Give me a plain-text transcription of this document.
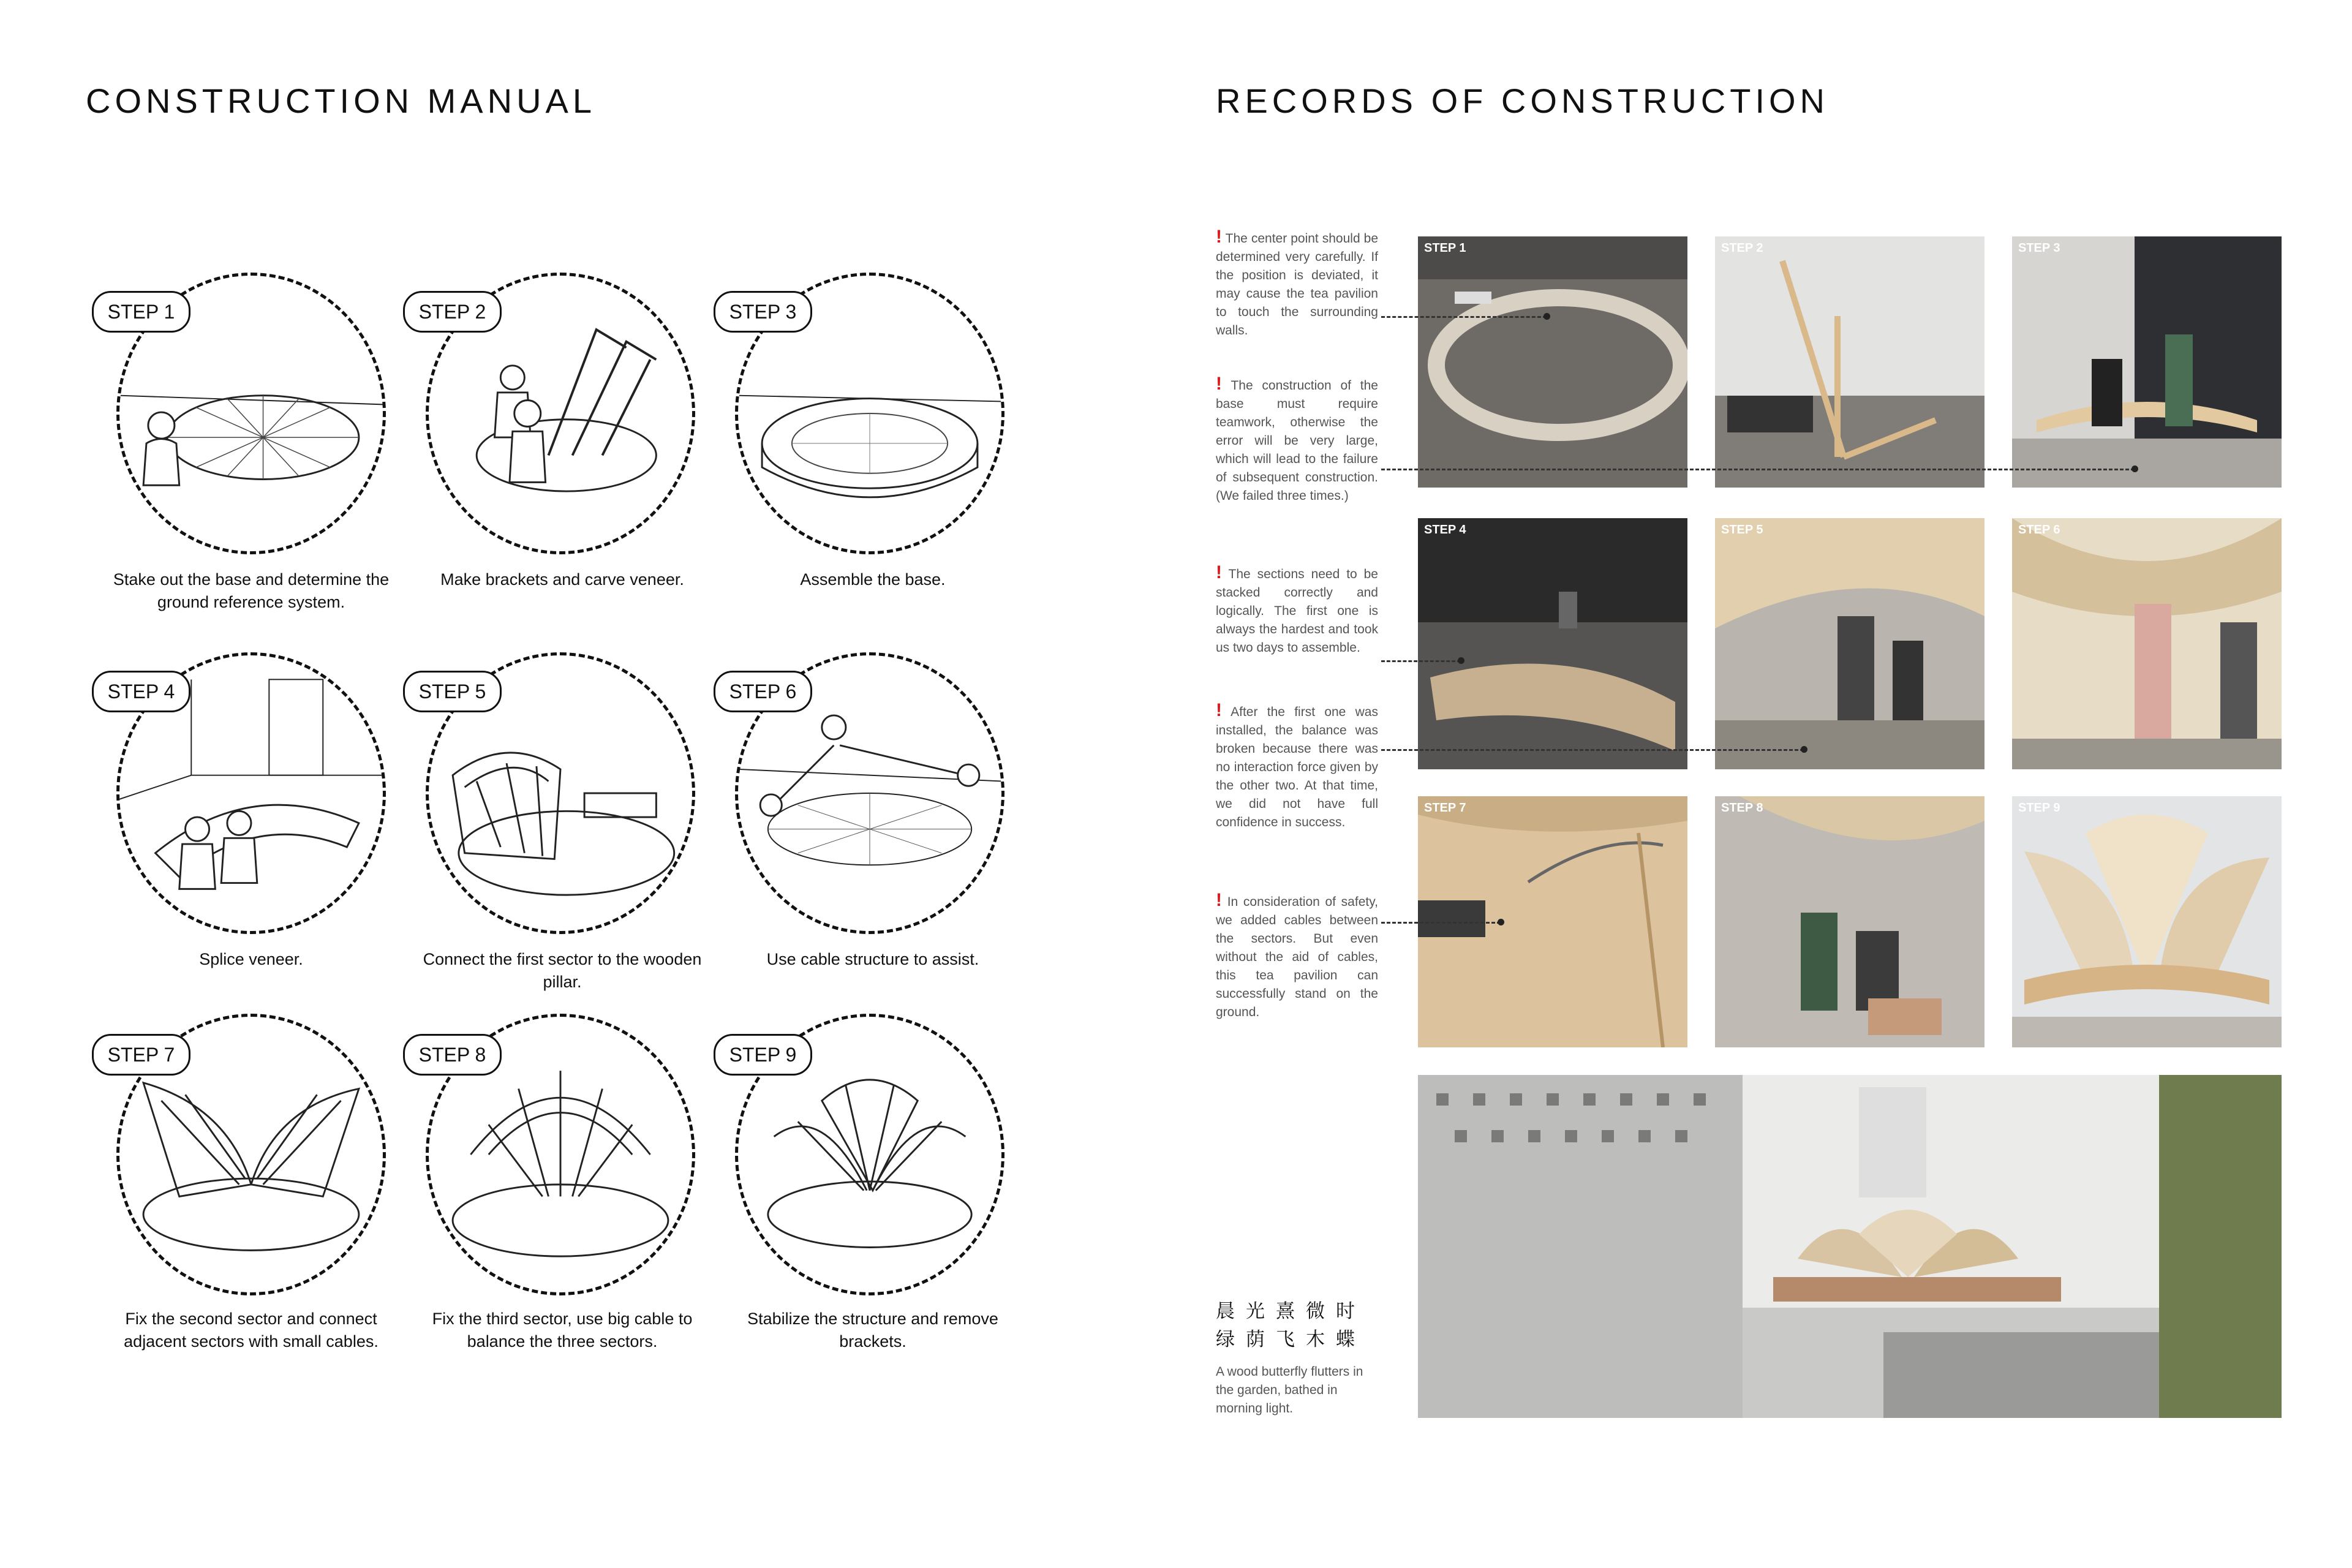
CONSTRUCTION MANUAL
STEP 1
Stake out the base and determine the ground reference system.
STEP 2
Make brackets and carve veneer.
STEP 3
Assemble the base.
STEP 4
Splice veneer.
STEP 5
Connect the first sector to the wooden pillar.
STEP 6
Use cable structure to assist.
STEP 7
Fix the second sector and connect adjacent sectors with small cables.
STEP 8
Fix the third sector, use big cable to balance the three sectors.
STEP 9
Stabilize the structure and remove brackets.
RECORDS OF CONSTRUCTION
! The center point should be determined very carefully. If the position is deviated, it may cause the tea pavilion to touch the surrounding walls.
! The construction of the base must require teamwork, otherwise the error will be very large, which will lead to the failure of subsequent construction. (We failed three times.)
! The sections need to be stacked correctly and logically. The first one is always the hardest and took us two days to assemble.
! After the first one was installed, the balance was broken because there was no interaction force given by the other two. At that time, we did not have full confidence in success.
! In consideration of safety, we added cables between the sectors. But even without the aid of cables, this tea pavilion can successfully stand on the ground.
STEP 1	STEP 2	STEP 3
STEP 4	STEP 5	STEP 6
STEP 7	STEP 8	STEP 9
晨光熹微时
绿荫飞木蝶
A wood butterfly flutters in the garden, bathed in morning light.
